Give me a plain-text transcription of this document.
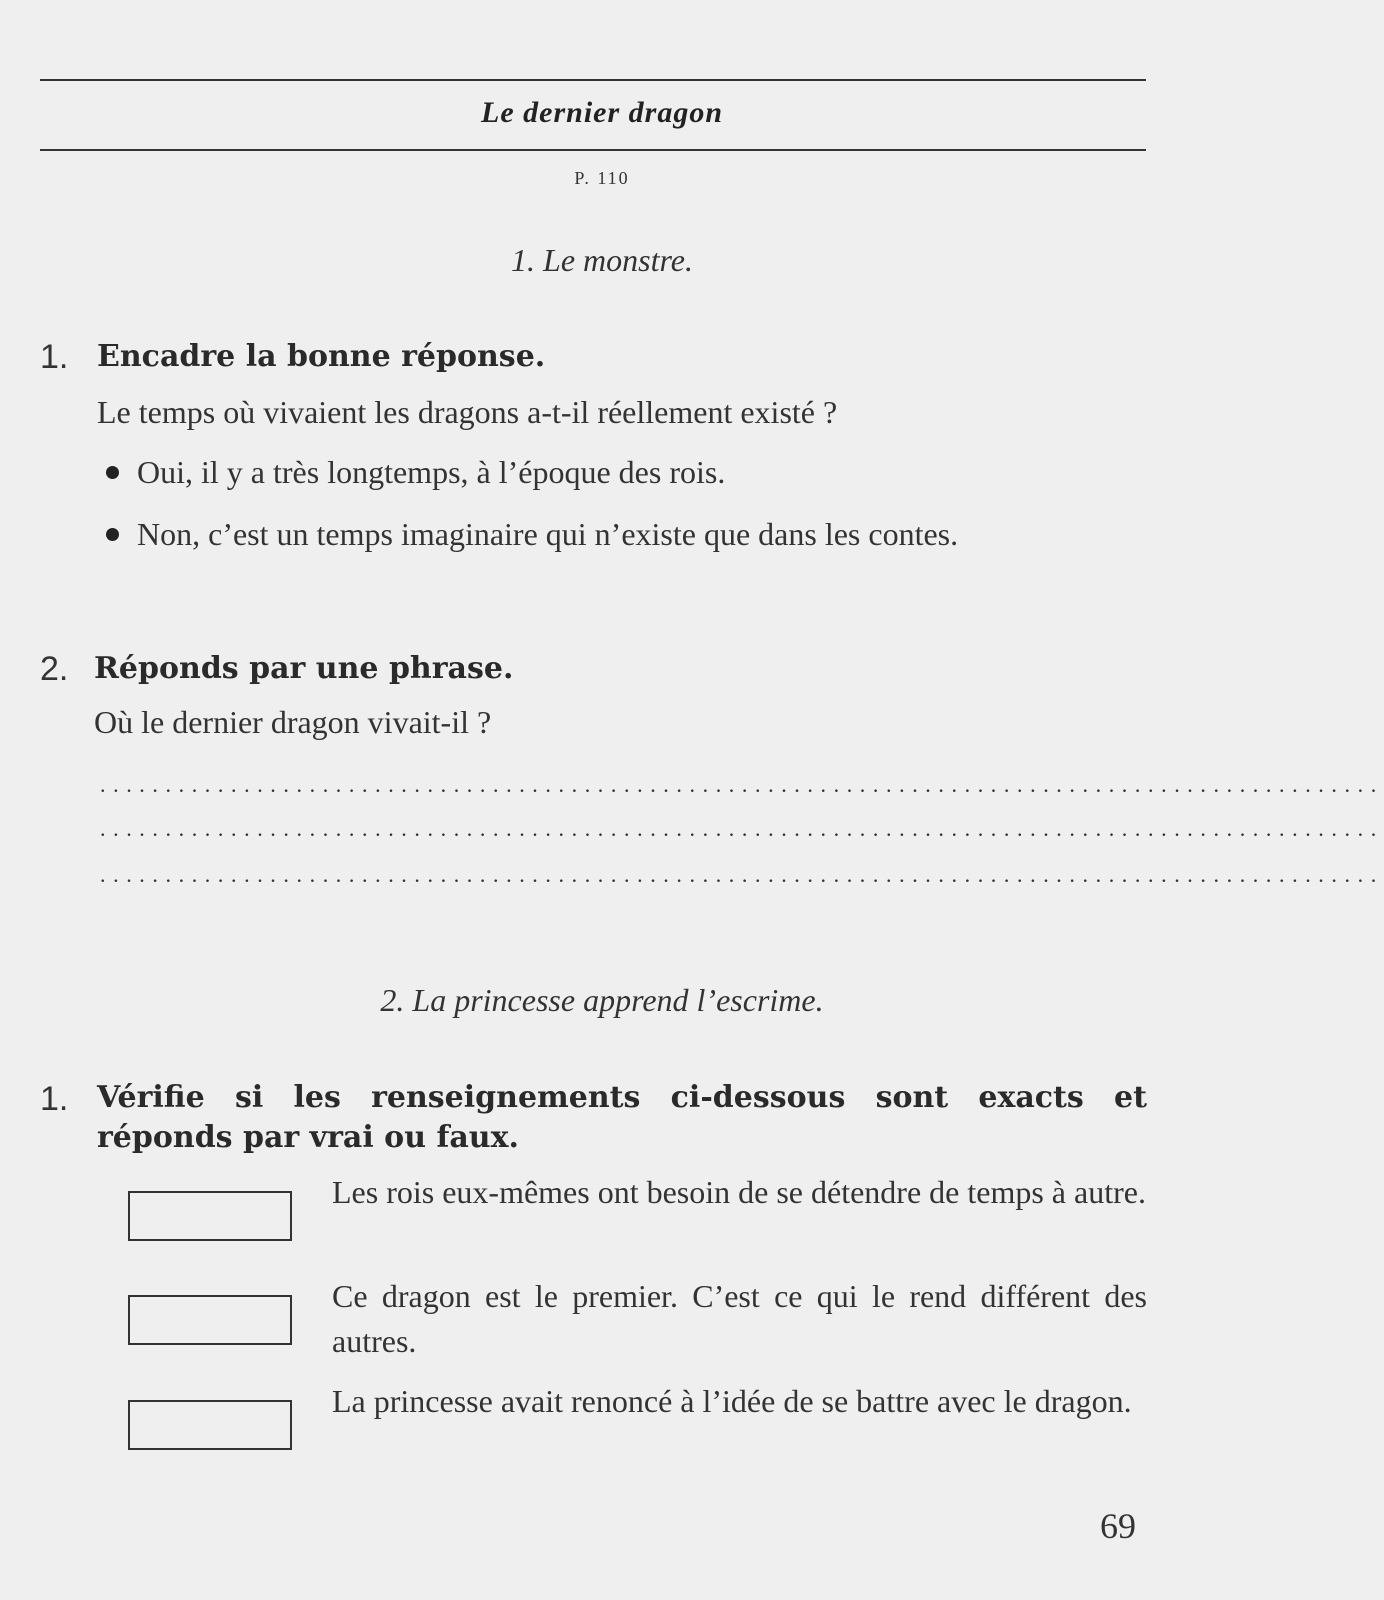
Le dernier dragon
P. 110
1. Le monstre.
1. Encadre la bonne réponse.
Le temps où vivaient les dragons a-t-il réellement existé ?
Oui, il y a très longtemps, à l’époque des rois.
Non, c’est un temps imaginaire qui n’existe que dans les contes.
2. Réponds par une phrase.
Où le dernier dragon vivait-il ?
..................................................................................................
..................................................................................................
..................................................................................................
2. La princesse apprend l’escrime.
1. Vérifie si les renseignements ci-dessous sont exacts et réponds par vrai ou faux.
Les rois eux-mêmes ont besoin de se détendre de temps à autre.
Ce dragon est le premier. C’est ce qui le rend différent des autres.
La princesse avait renoncé à l’idée de se battre avec le dragon.
69
